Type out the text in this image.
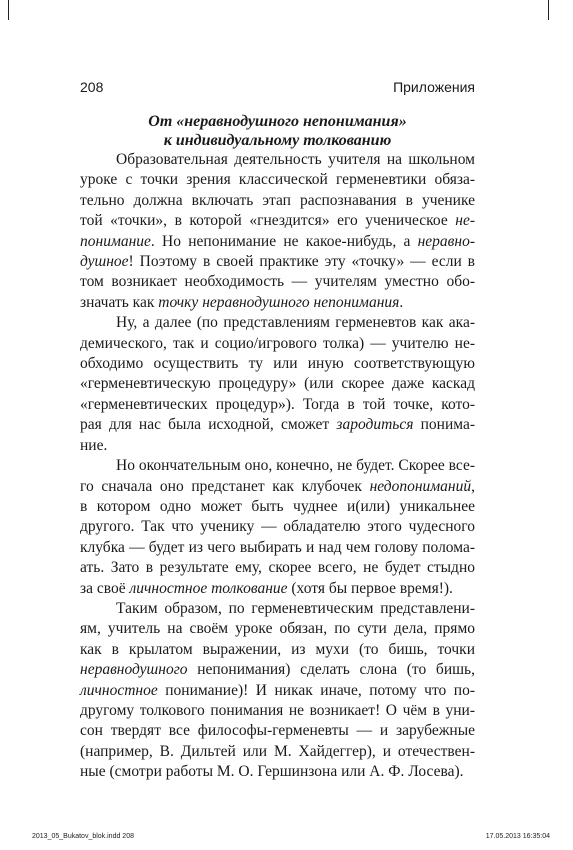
208	Приложения
От «неравнодушного непонимания»
к индивидуальному толкованию
Образовательная деятельность учителя на школьном
уроке с точки зрения классической герменевтики обяза-
тельно должна включать этап распознавания в ученике
той «точки», в которой «гнездится» его ученическое не-
понимание. Но непонимание не какое-нибудь, а неравно-
душное! Поэтому в своей практике эту «точку» — если в
том возникает необходимость — учителям уместно обо-
значать как точку неравнодушного непонимания.
Ну, а далее (по представлениям герменевтов как ака-
демического, так и социо/игрового толка) — учителю не-
обходимо осуществить ту или иную соответствующую
«герменевтическую процедуру» (или скорее даже каскад
«герменевтических процедур»). Тогда в той точке, кото-
рая для нас была исходной, сможет зародиться понима-
ние.
Но окончательным оно, конечно, не будет. Скорее все-
го сначала оно предстанет как клубочек недопониманий,
в котором одно может быть чуднее и(или) уникальнее
другого. Так что ученику — обладателю этого чудесного
клубка — будет из чего выбирать и над чем голову полома-
ать. Зато в результате ему, скорее всего, не будет стыдно
за своё личностное толкование (хотя бы первое время!).
Таким образом, по герменевтическим представлени-
ям, учитель на своём уроке обязан, по сути дела, прямо
как в крылатом выражении, из мухи (то бишь, точки
неравнодушного непонимания) сделать слона (то бишь,
личностное понимание)! И никак иначе, потому что по-
другому толкового понимания не возникает! О чём в уни-
сон твердят все философы-герменевты — и зарубежные
(например, В. Дильтей или М. Хайдеггер), и отечествен-
ные (смотри работы М. О. Гершинзона или А. Ф. Лосева).
2013_05_Bukatov_blok.indd 208	17.05.2013 16:35:04
